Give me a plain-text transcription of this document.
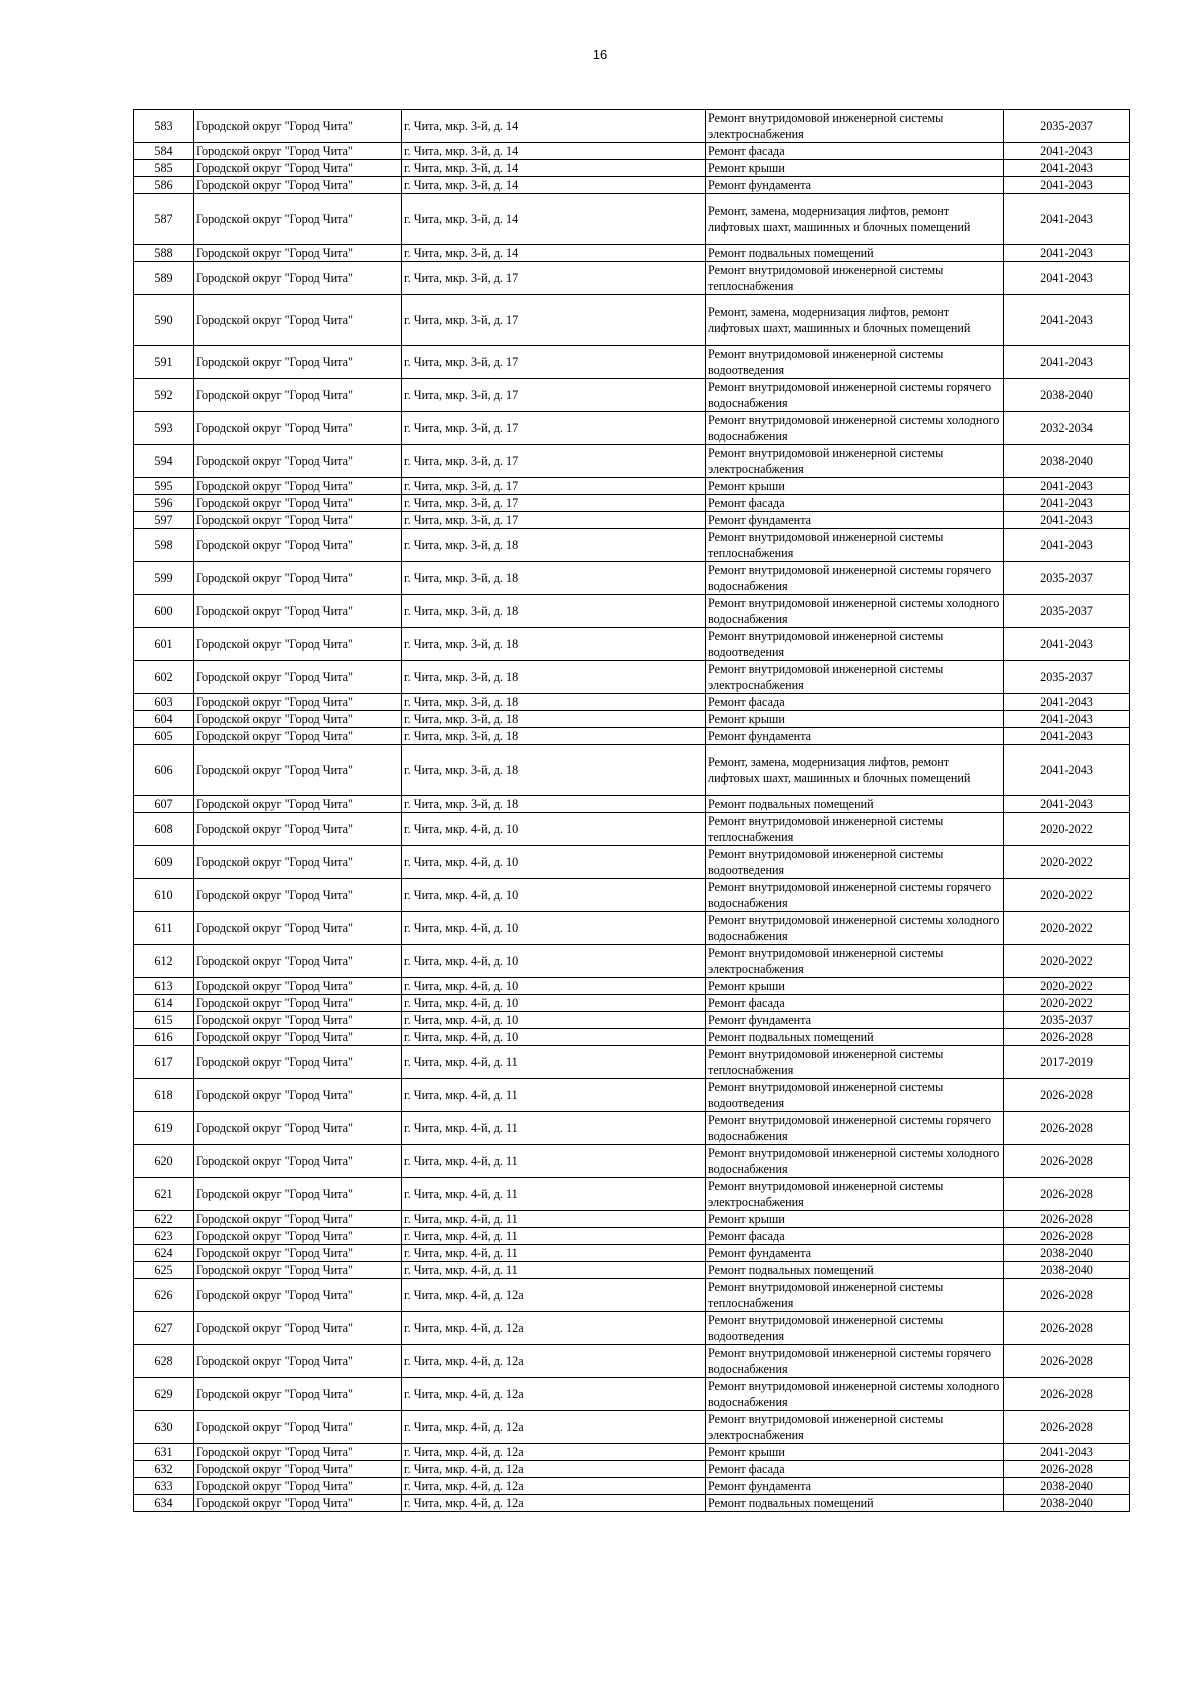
16
583	Городской округ "Город Чита"	г. Чита, мкр. 3-й, д. 14	Ремонт внутридомовой инженерной системы электроснабжения	2035-2037
584	Городской округ "Город Чита"	г. Чита, мкр. 3-й, д. 14	Ремонт фасада	2041-2043
585	Городской округ "Город Чита"	г. Чита, мкр. 3-й, д. 14	Ремонт крыши	2041-2043
586	Городской округ "Город Чита"	г. Чита, мкр. 3-й, д. 14	Ремонт фундамента	2041-2043
587	Городской округ "Город Чита"	г. Чита, мкр. 3-й, д. 14	Ремонт, замена, модернизация лифтов, ремонт лифтовых шахт, машинных и блочных помещений	2041-2043
588	Городской округ "Город Чита"	г. Чита, мкр. 3-й, д. 14	Ремонт подвальных помещений	2041-2043
589	Городской округ "Город Чита"	г. Чита, мкр. 3-й, д. 17	Ремонт внутридомовой инженерной системы теплоснабжения	2041-2043
590	Городской округ "Город Чита"	г. Чита, мкр. 3-й, д. 17	Ремонт, замена, модернизация лифтов, ремонт лифтовых шахт, машинных и блочных помещений	2041-2043
591	Городской округ "Город Чита"	г. Чита, мкр. 3-й, д. 17	Ремонт внутридомовой инженерной системы водоотведения	2041-2043
592	Городской округ "Город Чита"	г. Чита, мкр. 3-й, д. 17	Ремонт внутридомовой инженерной системы горячего водоснабжения	2038-2040
593	Городской округ "Город Чита"	г. Чита, мкр. 3-й, д. 17	Ремонт внутридомовой инженерной системы холодного водоснабжения	2032-2034
594	Городской округ "Город Чита"	г. Чита, мкр. 3-й, д. 17	Ремонт внутридомовой инженерной системы электроснабжения	2038-2040
595	Городской округ "Город Чита"	г. Чита, мкр. 3-й, д. 17	Ремонт крыши	2041-2043
596	Городской округ "Город Чита"	г. Чита, мкр. 3-й, д. 17	Ремонт фасада	2041-2043
597	Городской округ "Город Чита"	г. Чита, мкр. 3-й, д. 17	Ремонт фундамента	2041-2043
598	Городской округ "Город Чита"	г. Чита, мкр. 3-й, д. 18	Ремонт внутридомовой инженерной системы теплоснабжения	2041-2043
599	Городской округ "Город Чита"	г. Чита, мкр. 3-й, д. 18	Ремонт внутридомовой инженерной системы горячего водоснабжения	2035-2037
600	Городской округ "Город Чита"	г. Чита, мкр. 3-й, д. 18	Ремонт внутридомовой инженерной системы холодного водоснабжения	2035-2037
601	Городской округ "Город Чита"	г. Чита, мкр. 3-й, д. 18	Ремонт внутридомовой инженерной системы водоотведения	2041-2043
602	Городской округ "Город Чита"	г. Чита, мкр. 3-й, д. 18	Ремонт внутридомовой инженерной системы электроснабжения	2035-2037
603	Городской округ "Город Чита"	г. Чита, мкр. 3-й, д. 18	Ремонт фасада	2041-2043
604	Городской округ "Город Чита"	г. Чита, мкр. 3-й, д. 18	Ремонт крыши	2041-2043
605	Городской округ "Город Чита"	г. Чита, мкр. 3-й, д. 18	Ремонт фундамента	2041-2043
606	Городской округ "Город Чита"	г. Чита, мкр. 3-й, д. 18	Ремонт, замена, модернизация лифтов, ремонт лифтовых шахт, машинных и блочных помещений	2041-2043
607	Городской округ "Город Чита"	г. Чита, мкр. 3-й, д. 18	Ремонт подвальных помещений	2041-2043
608	Городской округ "Город Чита"	г. Чита, мкр. 4-й, д. 10	Ремонт внутридомовой инженерной системы теплоснабжения	2020-2022
609	Городской округ "Город Чита"	г. Чита, мкр. 4-й, д. 10	Ремонт внутридомовой инженерной системы водоотведения	2020-2022
610	Городской округ "Город Чита"	г. Чита, мкр. 4-й, д. 10	Ремонт внутридомовой инженерной системы горячего водоснабжения	2020-2022
611	Городской округ "Город Чита"	г. Чита, мкр. 4-й, д. 10	Ремонт внутридомовой инженерной системы холодного водоснабжения	2020-2022
612	Городской округ "Город Чита"	г. Чита, мкр. 4-й, д. 10	Ремонт внутридомовой инженерной системы электроснабжения	2020-2022
613	Городской округ "Город Чита"	г. Чита, мкр. 4-й, д. 10	Ремонт крыши	2020-2022
614	Городской округ "Город Чита"	г. Чита, мкр. 4-й, д. 10	Ремонт фасада	2020-2022
615	Городской округ "Город Чита"	г. Чита, мкр. 4-й, д. 10	Ремонт фундамента	2035-2037
616	Городской округ "Город Чита"	г. Чита, мкр. 4-й, д. 10	Ремонт подвальных помещений	2026-2028
617	Городской округ "Город Чита"	г. Чита, мкр. 4-й, д. 11	Ремонт внутридомовой инженерной системы теплоснабжения	2017-2019
618	Городской округ "Город Чита"	г. Чита, мкр. 4-й, д. 11	Ремонт внутридомовой инженерной системы водоотведения	2026-2028
619	Городской округ "Город Чита"	г. Чита, мкр. 4-й, д. 11	Ремонт внутридомовой инженерной системы горячего водоснабжения	2026-2028
620	Городской округ "Город Чита"	г. Чита, мкр. 4-й, д. 11	Ремонт внутридомовой инженерной системы холодного водоснабжения	2026-2028
621	Городской округ "Город Чита"	г. Чита, мкр. 4-й, д. 11	Ремонт внутридомовой инженерной системы электроснабжения	2026-2028
622	Городской округ "Город Чита"	г. Чита, мкр. 4-й, д. 11	Ремонт крыши	2026-2028
623	Городской округ "Город Чита"	г. Чита, мкр. 4-й, д. 11	Ремонт фасада	2026-2028
624	Городской округ "Город Чита"	г. Чита, мкр. 4-й, д. 11	Ремонт фундамента	2038-2040
625	Городской округ "Город Чита"	г. Чита, мкр. 4-й, д. 11	Ремонт подвальных помещений	2038-2040
626	Городской округ "Город Чита"	г. Чита, мкр. 4-й, д. 12а	Ремонт внутридомовой инженерной системы теплоснабжения	2026-2028
627	Городской округ "Город Чита"	г. Чита, мкр. 4-й, д. 12а	Ремонт внутридомовой инженерной системы водоотведения	2026-2028
628	Городской округ "Город Чита"	г. Чита, мкр. 4-й, д. 12а	Ремонт внутридомовой инженерной системы горячего водоснабжения	2026-2028
629	Городской округ "Город Чита"	г. Чита, мкр. 4-й, д. 12а	Ремонт внутридомовой инженерной системы холодного водоснабжения	2026-2028
630	Городской округ "Город Чита"	г. Чита, мкр. 4-й, д. 12а	Ремонт внутридомовой инженерной системы электроснабжения	2026-2028
631	Городской округ "Город Чита"	г. Чита, мкр. 4-й, д. 12а	Ремонт крыши	2041-2043
632	Городской округ "Город Чита"	г. Чита, мкр. 4-й, д. 12а	Ремонт фасада	2026-2028
633	Городской округ "Город Чита"	г. Чита, мкр. 4-й, д. 12а	Ремонт фундамента	2038-2040
634	Городской округ "Город Чита"	г. Чита, мкр. 4-й, д. 12а	Ремонт подвальных помещений	2038-2040
